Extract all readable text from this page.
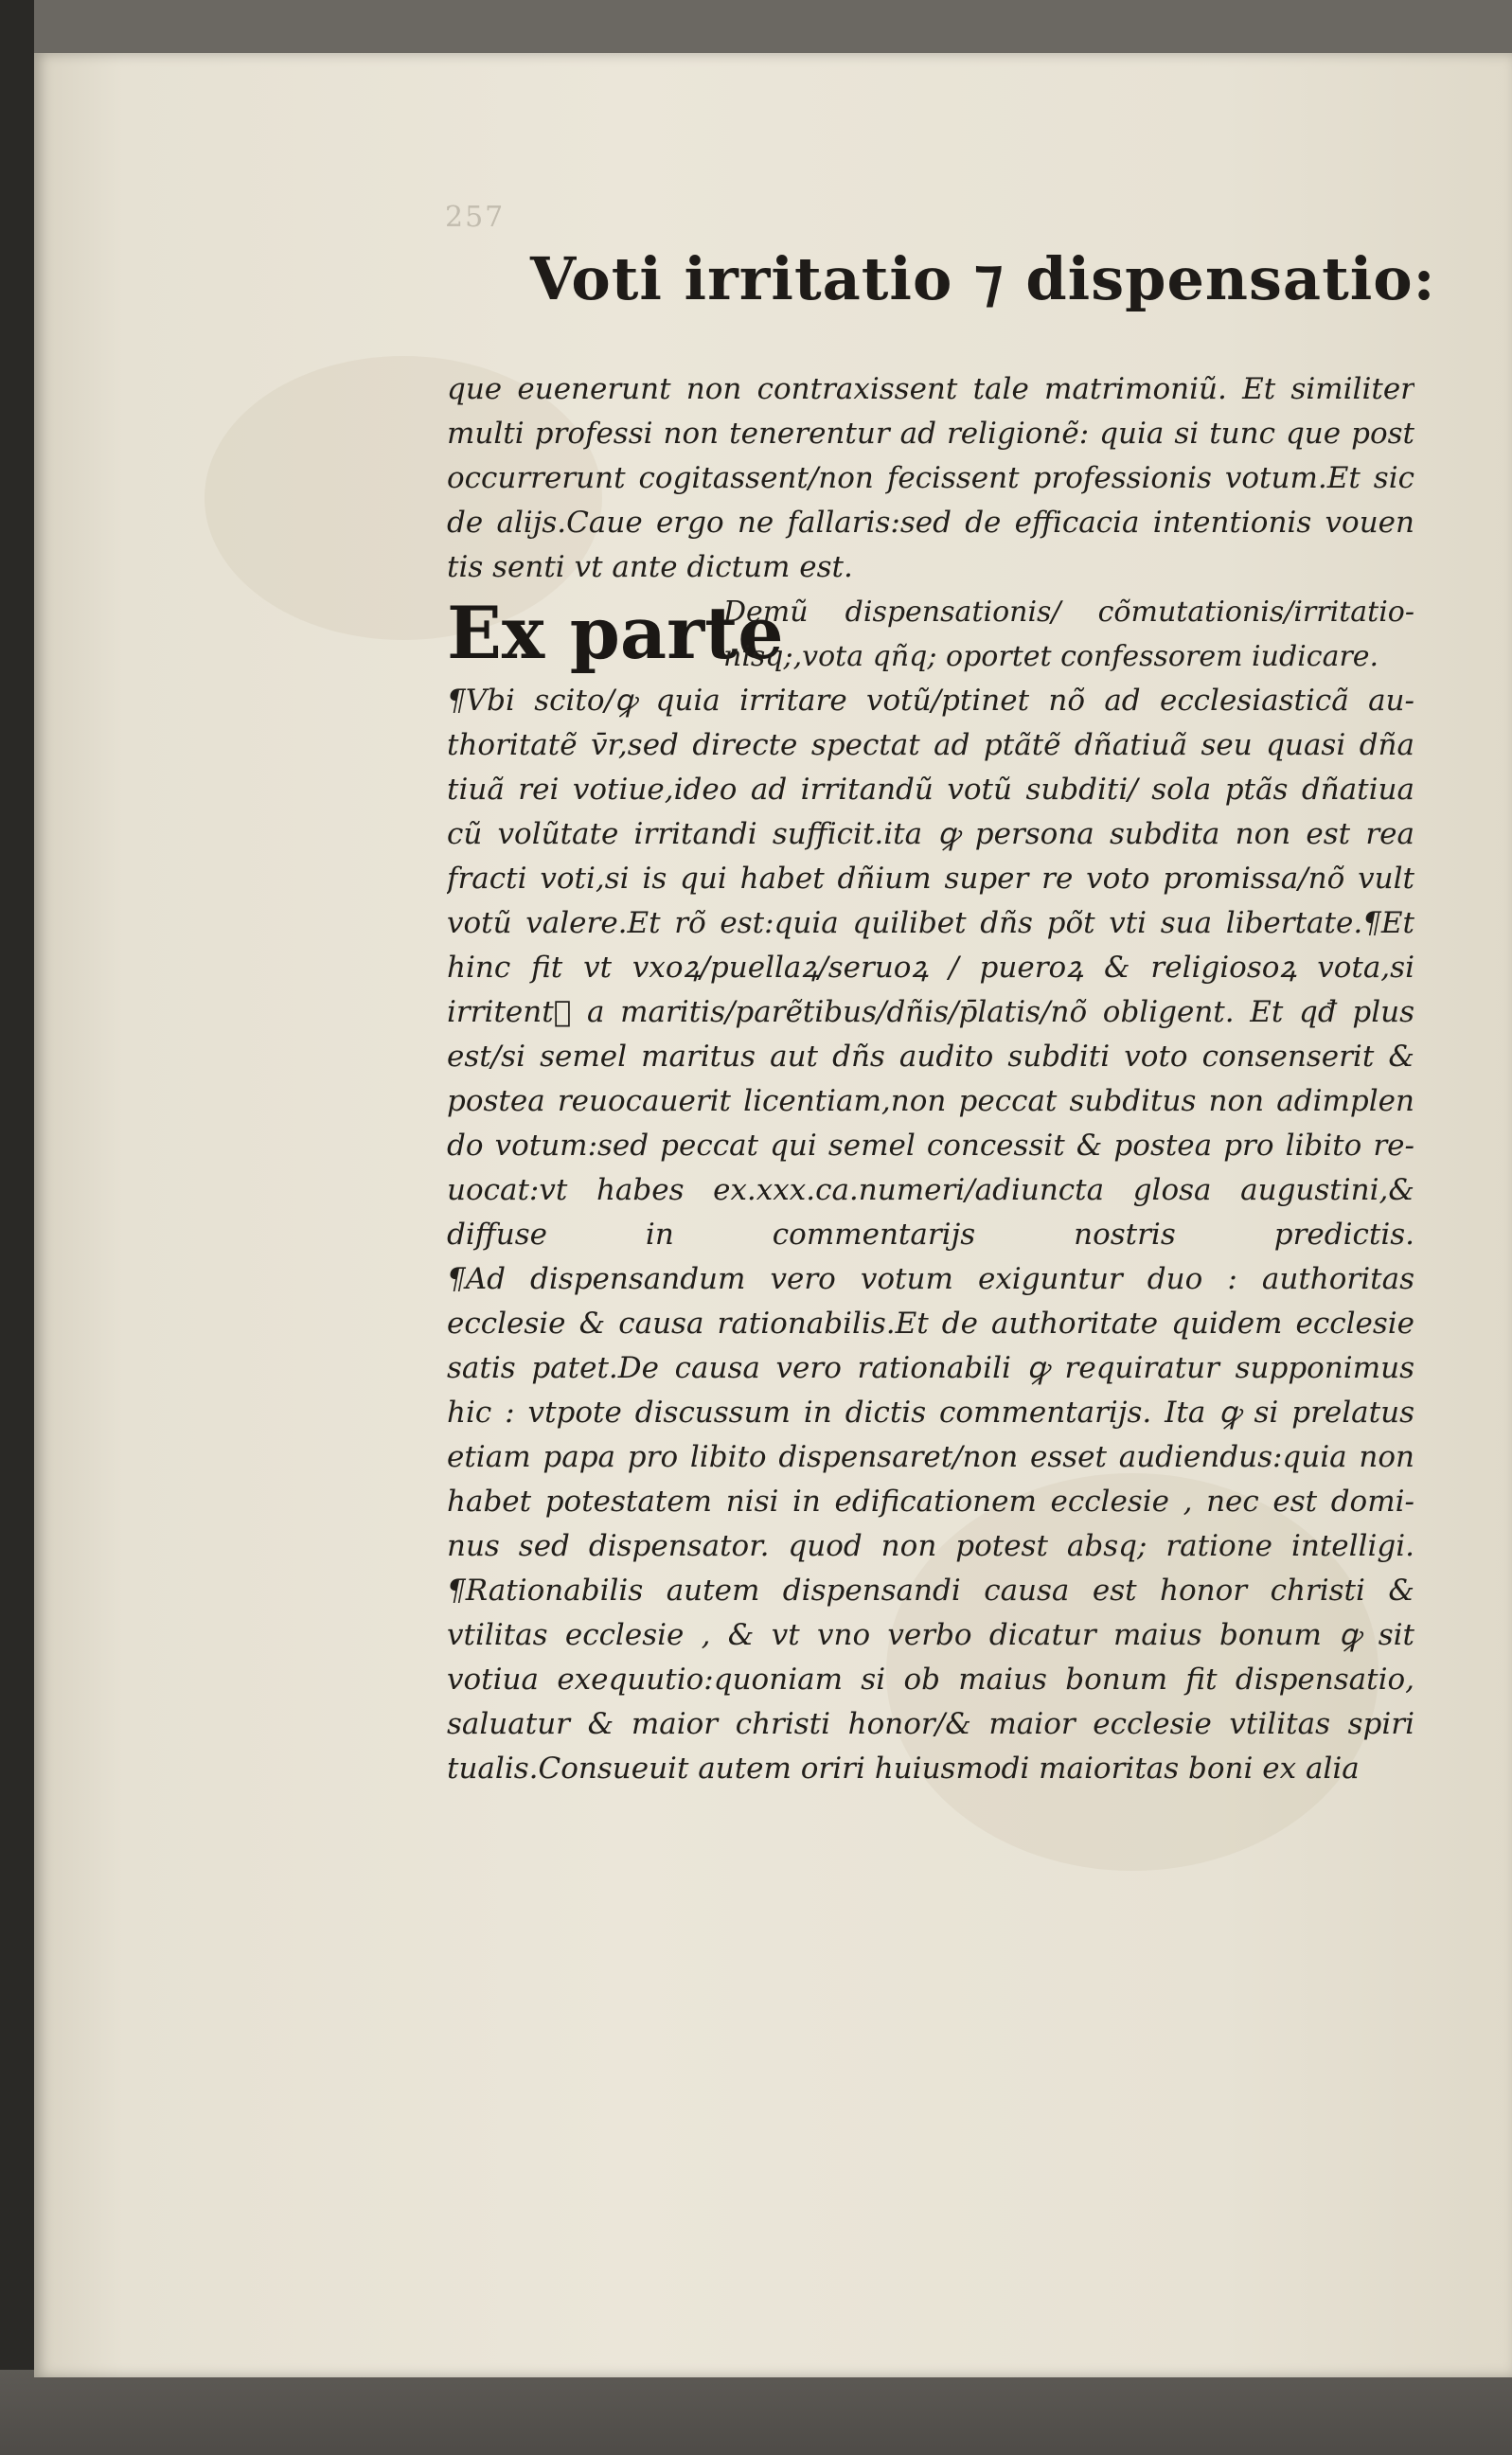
257
Voti irritatio ⁊ dispensatio:
que euenerunt non contraxissent tale matrimoniũ. Et similiter
multi professi non tenerentur ad religionẽ: quia si tunc que post
occurrerunt cogitassent/non fecissent professionis votum.Et sic
de alijs.Caue ergo ne fallaris:sed de efficacia intentionis vouen
tis senti vt ante dictum est.
Ex parte
Demũ dispensationis/ cõmutationis/irritatio-
nisq;,vota qñq; oportet confessorem iudicare.
¶Vbi scito/ꝙ quia irritare votũ/ptinet nõ ad ecclesiasticã au-
thoritatẽ v̄r,sed directe spectat ad ptãtẽ dñatiuã seu quasi dña
tiuã rei votiue,ideo ad irritandũ votũ subditi/ sola ptãs dñatiua
cũ volũtate irritandi sufficit.ita ꝙ persona subdita non est rea
fracti voti,si is qui habet dñium super re voto promissa/nõ vult
votũ valere.Et rõ est:quia quilibet dñs põt vti sua libertate.¶Et
hinc fit vt vxoꝝ/puellaꝝ/seruoꝝ / pueroꝝ & religiosoꝝ vota,si
irritentᷓ a maritis/parẽtibus/dñis/p̄latis/nõ obligent. Et qđ plus
est/si semel maritus aut dñs audito subditi voto consenserit &
postea reuocauerit licentiam,non peccat subditus non adimplen
do votum:sed peccat qui semel concessit & postea pro libito re-
uocat:vt habes ex.xxx.ca.numeri/adiuncta glosa augustini,&
diffuse in commentarijs nostris predictis.
¶Ad dispensandum vero votum exiguntur duo : authoritas
ecclesie & causa rationabilis.Et de authoritate quidem ecclesie
satis patet.De causa vero rationabili ꝙ requiratur supponimus
hic : vtpote discussum in dictis commentarijs. Ita ꝙ si prelatus
etiam papa pro libito dispensaret/non esset audiendus:quia non
habet potestatem nisi in edificationem ecclesie , nec est domi-
nus sed dispensator. quod non potest absq; ratione intelligi.
¶Rationabilis autem dispensandi causa est honor christi &
vtilitas ecclesie , & vt vno verbo dicatur maius bonum ꝙ sit
votiua exequutio:quoniam si ob maius bonum fit dispensatio,
saluatur & maior christi honor/& maior ecclesie vtilitas spiri
tualis.Consueuit autem oriri huiusmodi maioritas boni ex alia
